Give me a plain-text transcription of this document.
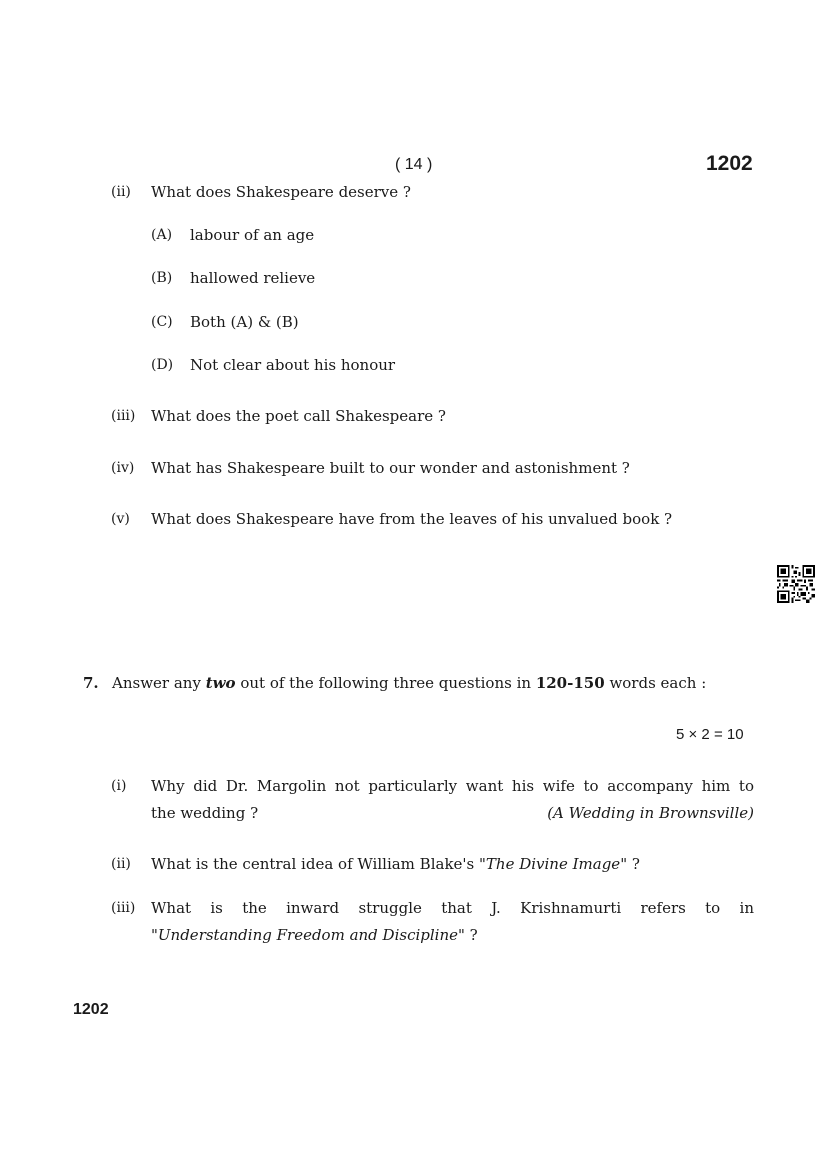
( 14 )	1202
(ii) What does Shakespeare deserve ?
(A) labour of an age
(B) hallowed relieve
(C) Both (A) & (B)
(D) Not clear about his honour
(iii) What does the poet call Shakespeare ?
(iv) What has Shakespeare built to our wonder and astonishment ?
(v) What does Shakespeare have from the leaves of his unvalued book ?
7. Answer any two out of the following three questions in 120-150 words each :
5 × 2 = 10
(i) Why did Dr. Margolin not particularly want his wife to accompany him to
the wedding ?	(A Wedding in Brownsville)
(ii) What is the central idea of William Blake's "The Divine Image" ?
(iii) What is the inward struggle that J. Krishnamurti refers to in
"Understanding Freedom and Discipline" ?
1202
